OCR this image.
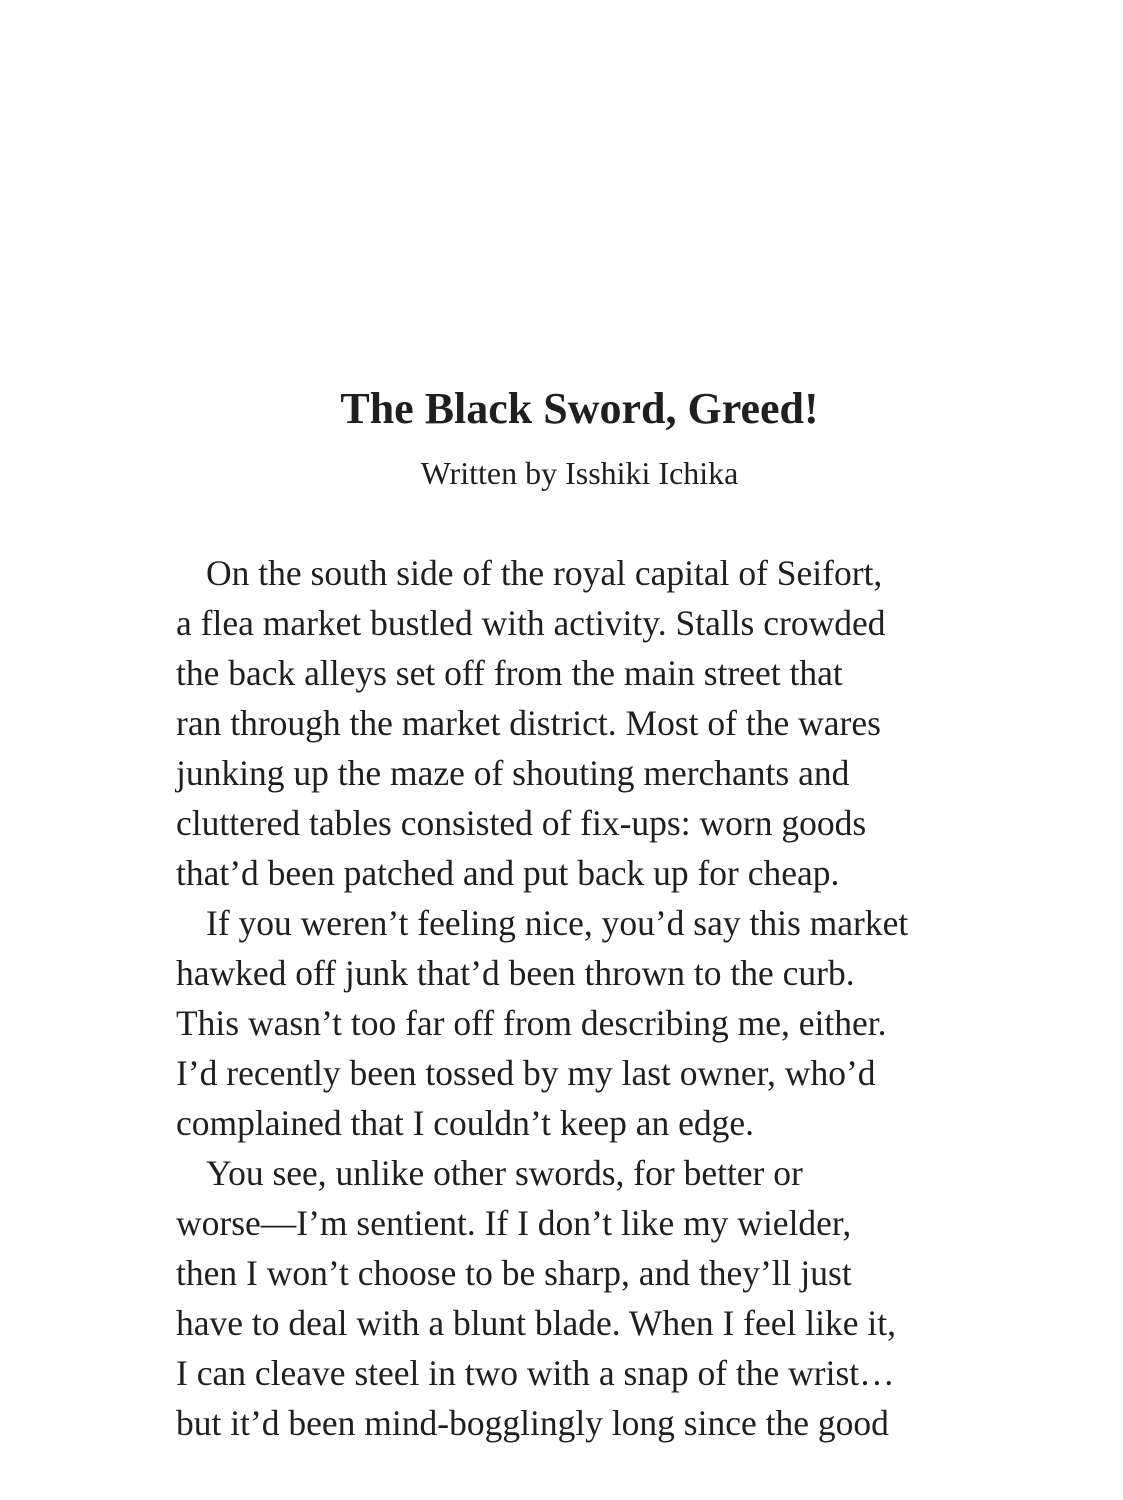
The Black Sword, Greed!

Written by Isshiki Ichika

On the south side of the royal capital of Seifort,
a flea market bustled with activity. Stalls crowded
the back alleys set off from the main street that
ran through the market district. Most of the wares
junking up the maze of shouting merchants and
cluttered tables consisted of fix-ups: worn goods
that’d been patched and put back up for cheap.
If you weren’t feeling nice, you’d say this market
hawked off junk that’d been thrown to the curb.
This wasn’t too far off from describing me, either.
I’d recently been tossed by my last owner, who’d
complained that I couldn’t keep an edge.
You see, unlike other swords, for better or
worse—I’m sentient. If I don’t like my wielder,
then I won’t choose to be sharp, and they’ll just
have to deal with a blunt blade. When I feel like it,
I can cleave steel in two with a snap of the wrist…
but it’d been mind-bogglingly long since the good
